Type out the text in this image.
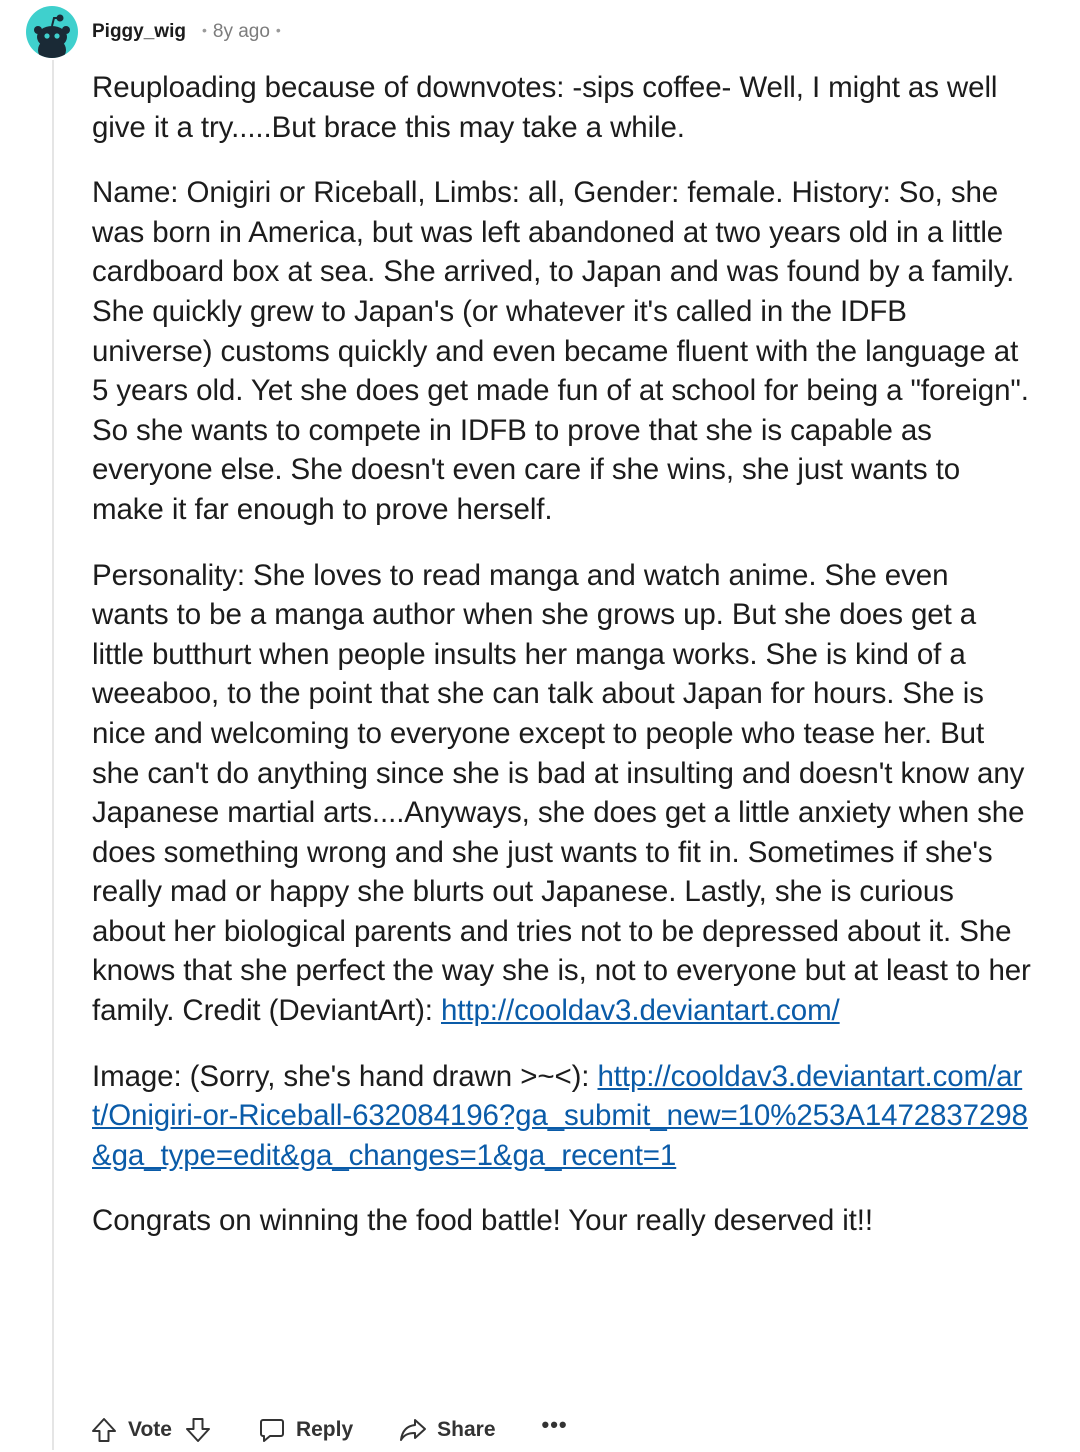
Piggy_wig	• 8y ago •

Reuploading because of downvotes: -sips coffee- Well, I might as well give it a try.....But brace this may take a while.

Name: Onigiri or Riceball, Limbs: all, Gender: female. History: So, she was born in America, but was left abandoned at two years old in a little cardboard box at sea. She arrived, to Japan and was found by a family. She quickly grew to Japan's (or whatever it's called in the IDFB universe) customs quickly and even became fluent with the language at 5 years old. Yet she does get made fun of at school for being a "foreign". So she wants to compete in IDFB to prove that she is capable as everyone else. She doesn't even care if she wins, she just wants to make it far enough to prove herself.

Personality: She loves to read manga and watch anime. She even wants to be a manga author when she grows up. But she does get a little butthurt when people insults her manga works. She is kind of a weeaboo, to the point that she can talk about Japan for hours. She is nice and welcoming to everyone except to people who tease her. But she can't do anything since she is bad at insulting and doesn't know any Japanese martial arts....Anyways, she does get a little anxiety when she does something wrong and she just wants to fit in. Sometimes if she's really mad or happy she blurts out Japanese. Lastly, she is curious about her biological parents and tries not to be depressed about it. She knows that she perfect the way she is, not to everyone but at least to her family. Credit (DeviantArt): http://cooldav3.deviantart.com/

Image: (Sorry, she's hand drawn >~<): http://cooldav3.deviantart.com/art/Onigiri-or-Riceball-632084196?ga_submit_new=10%253A1472837298&ga_type=edit&ga_changes=1&ga_recent=1

Congrats on winning the food battle! Your really deserved it!!

Vote	Reply	Share •••
